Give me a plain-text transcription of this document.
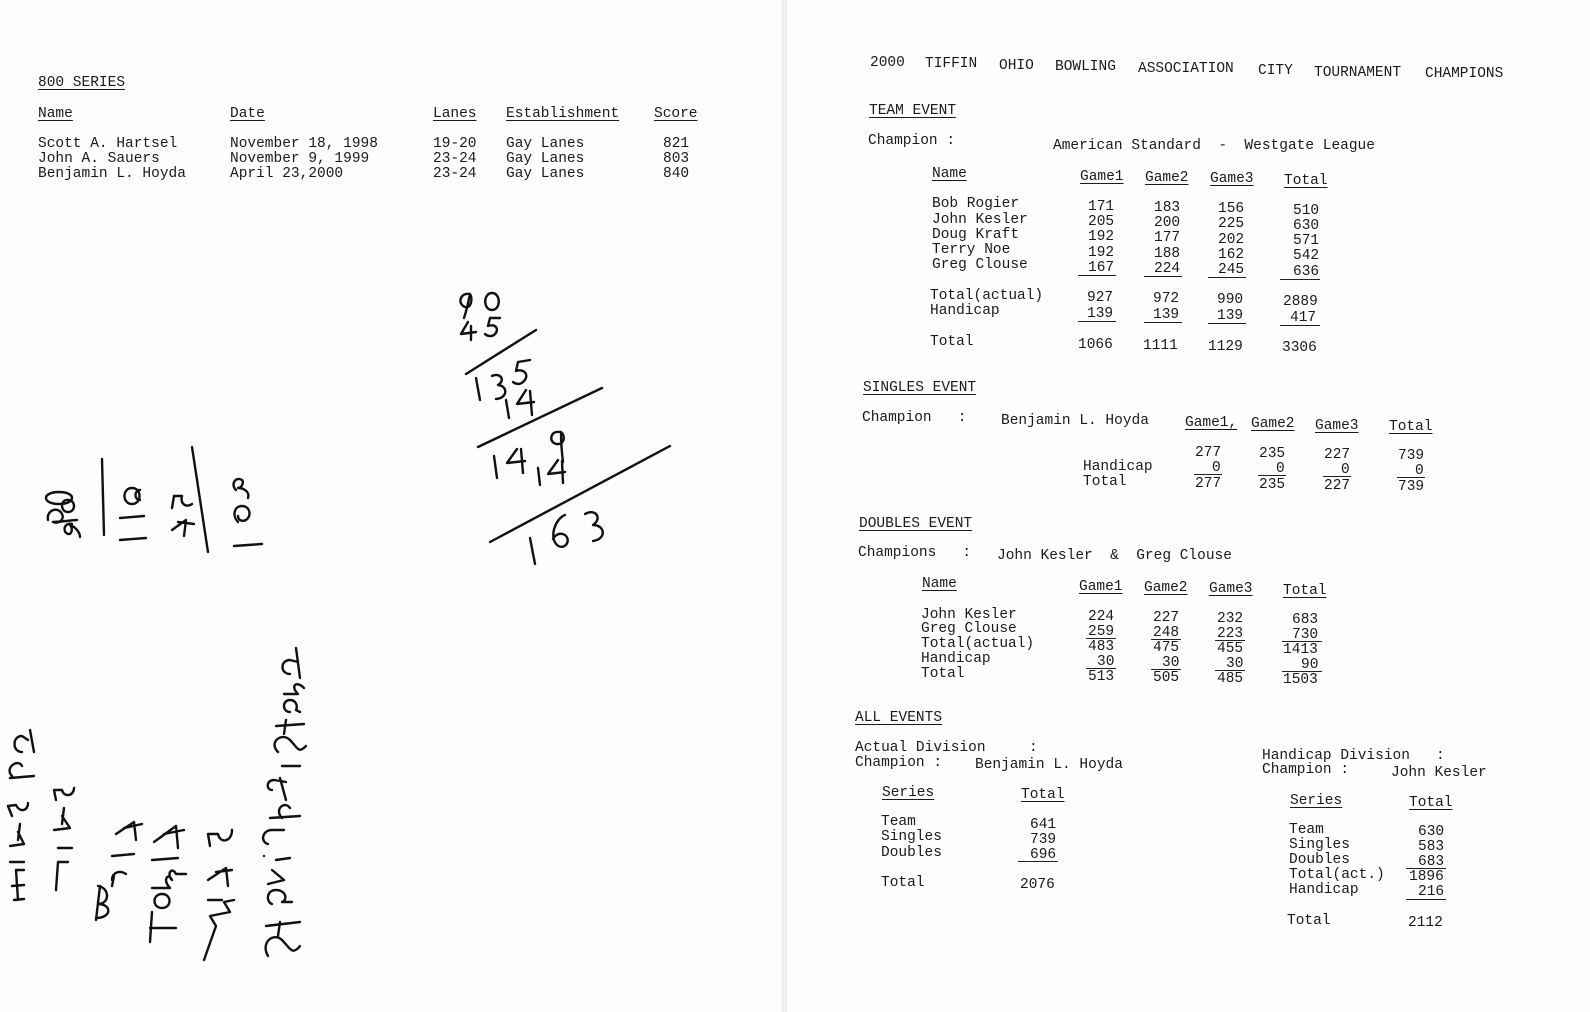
800 SERIES
Name	Date	Lanes Establishment Score
Scott A. Hartsel	November 18, 1998	19-20 Gay Lanes	821
John A. Sauers	November 9, 1999	23-24 Gay Lanes	803
Benjamin L. Hoyda	April 23,2000	23-24 Gay Lanes	840
2000 TIFFIN OHIO BOWLING ASSOCIATION CITY TOURNAMENT CHAMPIONS
TEAM EVENT
Champion :	American Standard  -  Westgate League
Name	Game1 Game2 Game3 Total
Bob Rogier	171	183	156	510
John Kesler	205	200	225	630
Doug Kraft	192	177	202	571
Terry Noe	192	188	162	542
Greg Clouse	167	224	245	636
Total(actual)	927	972	990	2889
Handicap	139	139	139	417
Total	1066 1111 1129	3306
SINGLES EVENT
Champion   : Benjamin L. Hoyda Game1, Game2 Game3 Total
277	235	227	739
Handicap	0	0	0	0
Total	277	235	227	739
DOUBLES EVENT
Champions   : John Kesler  &  Greg Clouse
Name	Game1 Game2 Game3 Total
John Kesler	224	227	232	683
Greg Clouse	259	248	223	730
Total(actual)	483	475	455	1413
Handicap	30	30	30	90
Total	513	505	485	1503
ALL EVENTS
Actual Division     :
Champion : Benjamin L. Hoyda
Series	Total
Team	641
Singles	739
Doubles	696
Total	2076
Handicap Division   :
Champion :	John Kesler
Series	Total
Team	630
Singles	583
Doubles	683
Total(act.) 1896
Handicap	216
Total	2112
